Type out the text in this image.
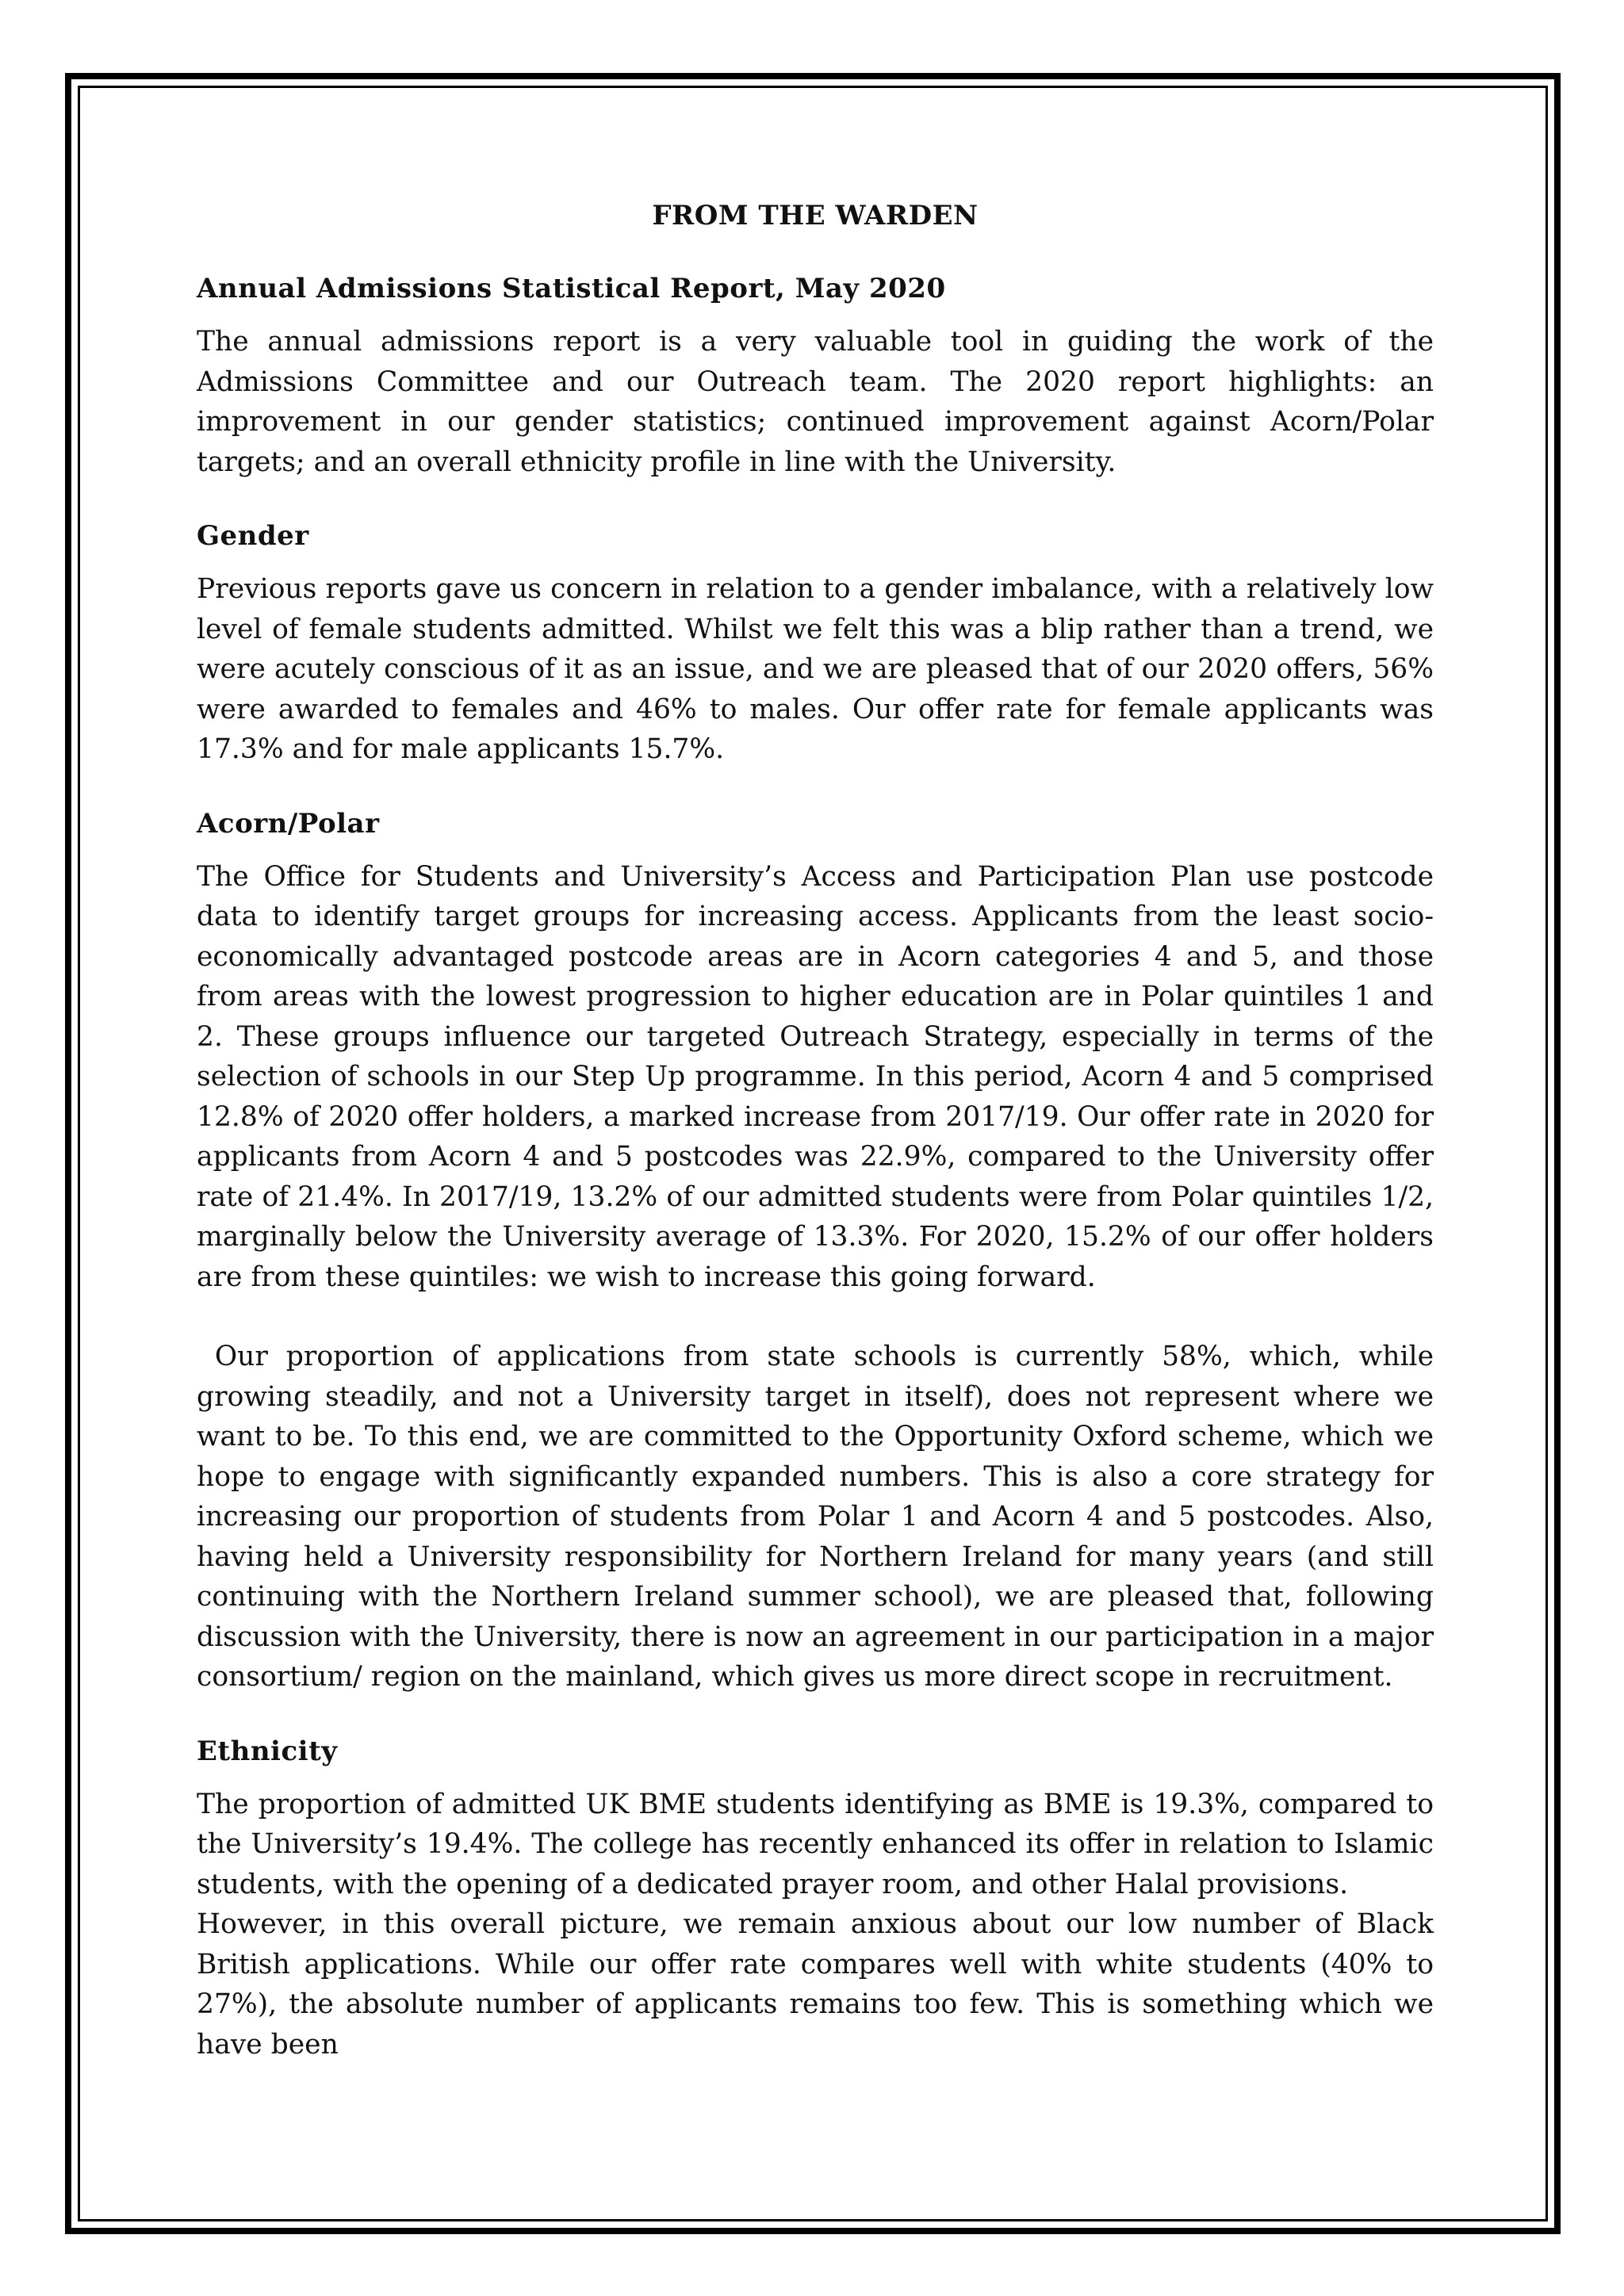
FROM THE WARDEN
Annual Admissions Statistical Report, May 2020

The annual admissions report is a very valuable tool in guiding the work of the Admissions Committee and our Outreach team. The 2020 report highlights: an improvement in our gender statistics; continued improvement against Acorn/Polar targets; and an overall ethnicity profile in line with the University.

Gender

Previous reports gave us concern in relation to a gender imbalance, with a relatively low level of female students admitted. Whilst we felt this was a blip rather than a trend, we were acutely conscious of it as an issue, and we are pleased that of our 2020 offers, 56% were awarded to females and 46% to males. Our offer rate for female applicants was 17.3% and for male applicants 15.7%.

Acorn/Polar

The Office for Students and University’s Access and Participation Plan use postcode data to identify target groups for increasing access. Applicants from the least socio-economically advantaged postcode areas are in Acorn categories 4 and 5, and those from areas with the lowest progression to higher education are in Polar quintiles 1 and 2. These groups influence our targeted Outreach Strategy, especially in terms of the selection of schools in our Step Up programme. In this period, Acorn 4 and 5 comprised 12.8% of 2020 offer holders, a marked increase from 2017/19. Our offer rate in 2020 for applicants from Acorn 4 and 5 postcodes was 22.9%, compared to the University offer rate of 21.4%. In 2017/19, 13.2% of our admitted students were from Polar quintiles 1/2, marginally below the University average of 13.3%. For 2020, 15.2% of our offer holders are from these quintiles: we wish to increase this going forward.

Our proportion of applications from state schools is currently 58%, which, while growing steadily, and not a University target in itself), does not represent where we want to be. To this end, we are committed to the Opportunity Oxford scheme, which we hope to engage with significantly expanded numbers. This is also a core strategy for increasing our proportion of students from Polar 1 and Acorn 4 and 5 postcodes. Also, having held a University responsibility for Northern Ireland for many years (and still continuing with the Northern Ireland summer school), we are pleased that, following discussion with the University, there is now an agreement in our participation in a major consortium/ region on the mainland, which gives us more direct scope in recruitment.

Ethnicity

The proportion of admitted UK BME students identifying as BME is 19.3%, compared to the University’s 19.4%. The college has recently enhanced its offer in relation to Islamic students, with the opening of a dedicated prayer room, and other Halal provisions.

However, in this overall picture, we remain anxious about our low number of Black British applications. While our offer rate compares well with white students (40% to 27%), the absolute number of applicants remains too few. This is something which we have been
